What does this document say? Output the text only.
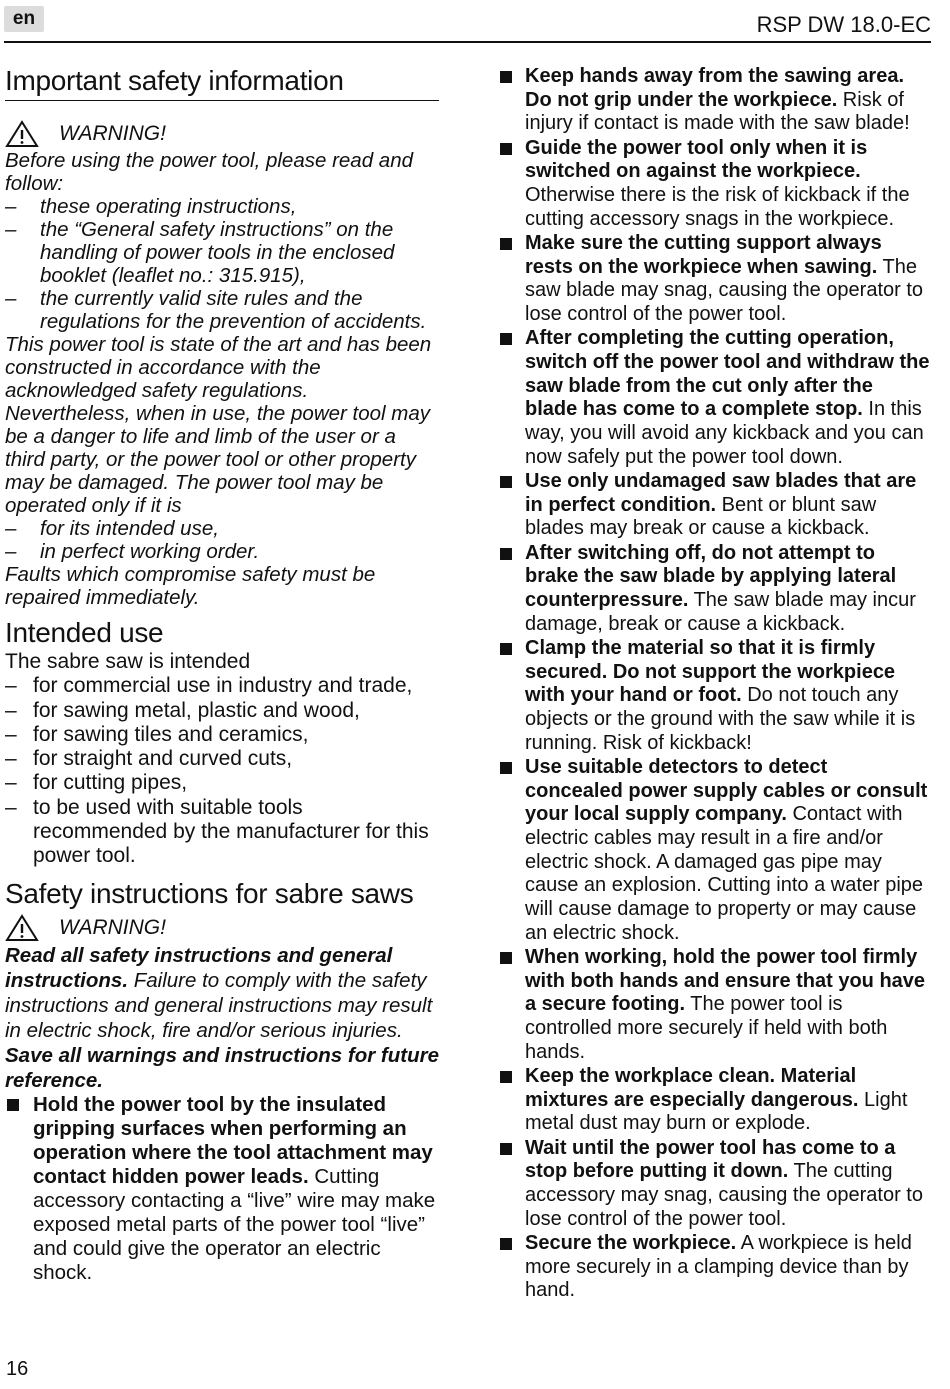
en	RSP DW 18.0-EC
Important safety information
WARNING!

Before using the power tool, please read and follow:

– these operating instructions,
– the “General safety instructions” on the handling of power tools in the enclosed booklet (leaflet no.: 315.915),
– the currently valid site rules and the regulations for the prevention of accidents.

This power tool is state of the art and has been constructed in accordance with the acknowledged safety regulations.

Nevertheless, when in use, the power tool may be a danger to life and limb of the user or a third party, or the power tool or other property may be damaged. The power tool may be operated only if it is

– for its intended use,
– in perfect working order.

Faults which compromise safety must be repaired immediately.

Intended use

The sabre saw is intended

– for commercial use in industry and trade,
– for sawing metal, plastic and wood,
– for sawing tiles and ceramics,
– for straight and curved cuts,
– for cutting pipes,
– to be used with suitable tools recommended by the manufacturer for this power tool.
Safety instructions for sabre saws
WARNING!

Read all safety instructions and general instructions. Failure to comply with the safety instructions and general instructions may result in electric shock, fire and/or serious injuries. Save all warnings and instructions for future reference.

Hold the power tool by the insulated gripping surfaces when performing an operation where the tool attachment may contact hidden power leads. Cutting accessory contacting a “live” wire may make exposed metal parts of the power tool “live” and could give the operator an electric shock.
Keep hands away from the sawing area. Do not grip under the workpiece. Risk of injury if contact is made with the saw blade!
Guide the power tool only when it is switched on against the workpiece. Otherwise there is the risk of kickback if the cutting accessory snags in the workpiece.
Make sure the cutting support always rests on the workpiece when sawing. The saw blade may snag, causing the operator to lose control of the power tool.
After completing the cutting operation, switch off the power tool and withdraw the saw blade from the cut only after the blade has come to a complete stop. In this way, you will avoid any kickback and you can now safely put the power tool down.
Use only undamaged saw blades that are in perfect condition. Bent or blunt saw blades may break or cause a kickback.
After switching off, do not attempt to brake the saw blade by applying lateral counterpressure. The saw blade may incur damage, break or cause a kickback.
Clamp the material so that it is firmly secured. Do not support the workpiece with your hand or foot. Do not touch any objects or the ground with the saw while it is running. Risk of kickback!
Use suitable detectors to detect concealed power supply cables or consult your local supply company. Contact with electric cables may result in a fire and/or electric shock. A damaged gas pipe may cause an explosion. Cutting into a water pipe will cause damage to property or may cause an electric shock.
When working, hold the power tool firmly with both hands and ensure that you have a secure footing. The power tool is controlled more securely if held with both hands.
Keep the workplace clean. Material mixtures are especially dangerous. Light metal dust may burn or explode.
Wait until the power tool has come to a stop before putting it down. The cutting accessory may snag, causing the operator to lose control of the power tool.
Secure the workpiece. A workpiece is held more securely in a clamping device than by hand.
16
